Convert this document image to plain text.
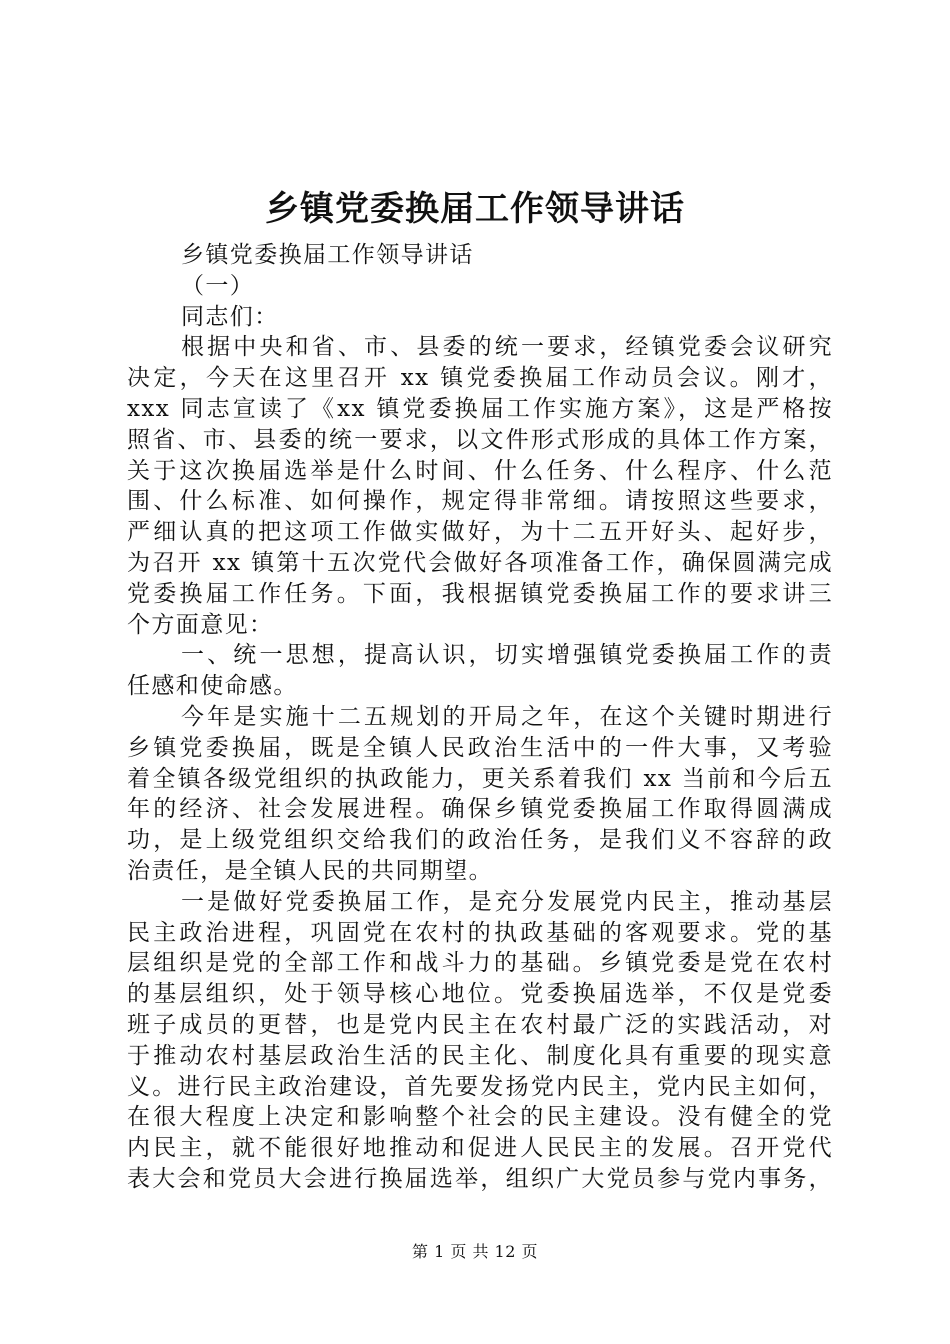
乡镇党委换届工作领导讲话
乡镇党委换届工作领导讲话
（一）
同志们：
根据中央和省、市、县委的统一要求，经镇党委会议研究
决定，今天在这里召开 xx 镇党委换届工作动员会议。刚才，
xxx 同志宣读了《xx 镇党委换届工作实施方案》，这是严格按
照省、市、县委的统一要求，以文件形式形成的具体工作方案，
关于这次换届选举是什么时间、什么任务、什么程序、什么范
围、什么标准、如何操作，规定得非常细。请按照这些要求，
严细认真的把这项工作做实做好，为十二五开好头、起好步，
为召开 xx 镇第十五次党代会做好各项准备工作，确保圆满完成
党委换届工作任务。下面，我根据镇党委换届工作的要求讲三
个方面意见：
一、统一思想，提高认识，切实增强镇党委换届工作的责
任感和使命感。
今年是实施十二五规划的开局之年，在这个关键时期进行
乡镇党委换届，既是全镇人民政治生活中的一件大事，又考验
着全镇各级党组织的执政能力，更关系着我们 xx 当前和今后五
年的经济、社会发展进程。确保乡镇党委换届工作取得圆满成
功，是上级党组织交给我们的政治任务，是我们义不容辞的政
治责任，是全镇人民的共同期望。
一是做好党委换届工作，是充分发展党内民主，推动基层
民主政治进程，巩固党在农村的执政基础的客观要求。党的基
层组织是党的全部工作和战斗力的基础。乡镇党委是党在农村
的基层组织，处于领导核心地位。党委换届选举，不仅是党委
班子成员的更替，也是党内民主在农村最广泛的实践活动，对
于推动农村基层政治生活的民主化、制度化具有重要的现实意
义。进行民主政治建设，首先要发扬党内民主，党内民主如何，
在很大程度上决定和影响整个社会的民主建设。没有健全的党
内民主，就不能很好地推动和促进人民民主的发展。召开党代
表大会和党员大会进行换届选举，组织广大党员参与党内事务，
第 1 页 共 12 页
